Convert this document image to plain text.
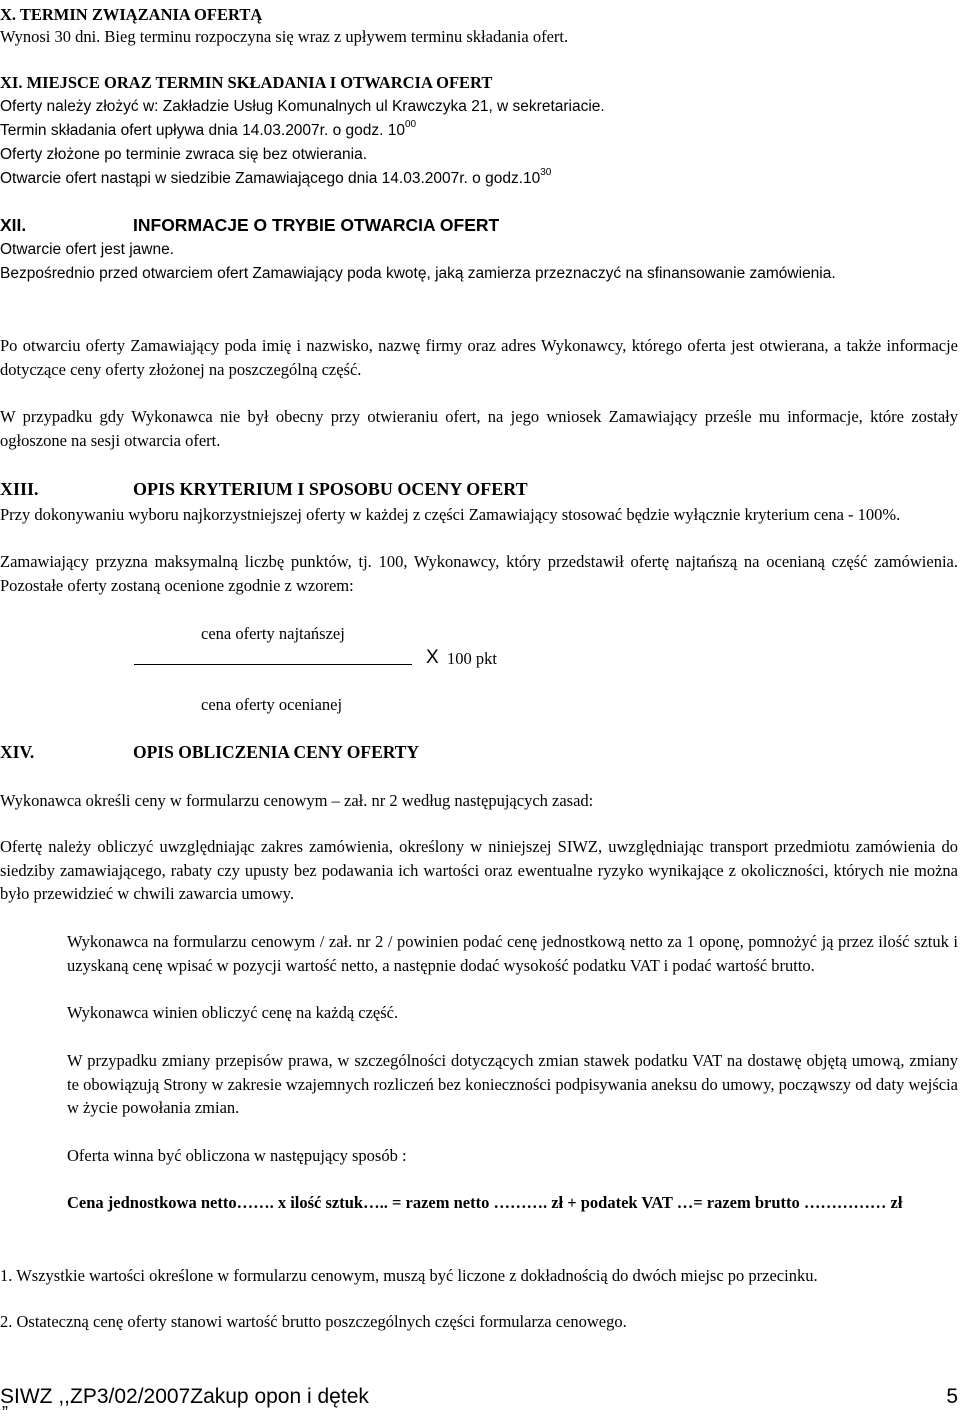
X. TERMIN ZWIĄZANIA OFERTĄ

Wynosi 30 dni. Bieg terminu rozpoczyna się wraz z upływem terminu składania ofert.

XI. MIEJSCE ORAZ TERMIN SKŁADANIA I OTWARCIA OFERT

Oferty należy złożyć w: Zakładzie Usług Komunalnych ul Krawczyka 21, w sekretariacie.

Termin składania ofert upływa dnia 14.03.2007r. o godz. $10^{00}$

Oferty złożone po terminie zwraca się bez otwierania.

Otwarcie ofert nastąpi w siedzibie Zamawiającego dnia 14.03.2007r. o $godz.10^{30}$

XII.	INFORMACJE O TRYBIE OTWARCIA OFERT

Otwarcie ofert jest jawne.

Bezpośrednio przed otwarciem ofert Zamawiający poda kwotę, jaką zamierza przeznaczyć na sfinansowanie zamówienia.

Po otwarciu oferty Zamawiający poda imię i nazwisko, nazwę firmy oraz adres Wykonawcy, którego oferta jest otwierana, a także informacje dotyczące ceny oferty złożonej na poszczególną część.

W przypadku gdy Wykonawca nie był obecny przy otwieraniu ofert, na jego wniosek Zamawiający prześle mu informacje, które zostały ogłoszone na sesji otwarcia ofert.

XIII.	OPIS KRYTERIUM I SPOSOBU OCENY OFERT

Przy dokonywaniu wyboru najkorzystniejszej oferty w każdej z części Zamawiający stosować będzie wyłącznie kryterium cena - 100%.

Zamawiający przyzna maksymalną liczbę punktów, tj. 100, Wykonawcy, który przedstawił ofertę najtańszą na ocenianą część zamówienia. Pozostałe oferty zostaną ocenione zgodnie z wzorem:

cena oferty najtańszej
X 100 pkt
cena oferty ocenianej
XIV.	OPIS OBLICZENIA CENY OFERTY

Wykonawca określi ceny w formularzu cenowym – zał. nr 2 według następujących zasad:

Ofertę należy obliczyć uwzględniając zakres zamówienia, określony w niniejszej SIWZ, uwzględniając transport przedmiotu zamówienia do siedziby zamawiającego, rabaty czy upusty bez podawania ich wartości oraz ewentualne ryzyko wynikające z okoliczności, których nie można było przewidzieć w chwili zawarcia umowy.

Wykonawca na formularzu cenowym / zał. nr 2 / powinien podać cenę jednostkową netto za 1 oponę, pomnożyć ją przez ilość sztuk i uzyskaną cenę wpisać w pozycji wartość netto, a następnie dodać wysokość podatku VAT i podać wartość brutto.

Wykonawca winien obliczyć cenę na każdą część.

W przypadku zmiany przepisów prawa, w szczególności dotyczących zmian stawek podatku VAT na dostawę objętą umową, zmiany te obowiązują Strony w zakresie wzajemnych rozliczeń bez konieczności podpisywania aneksu do umowy, począwszy od daty wejścia w życie powołania zmian.

Oferta winna być obliczona w następujący sposób :

Cena jednostkowa netto……. x ilość sztuk….. = razem netto ………. zł + podatek VAT …= razem brutto …………… zł

1. Wszystkie wartości określone w formularzu cenowym, muszą być liczone z dokładnością do dwóch miejsc po przecinku.

2. Ostateczną cenę oferty stanowi wartość brutto poszczególnych części formularza cenowego.

SIWZ ,,ZP3/02/2007Zakup opon i dętek
”
5
